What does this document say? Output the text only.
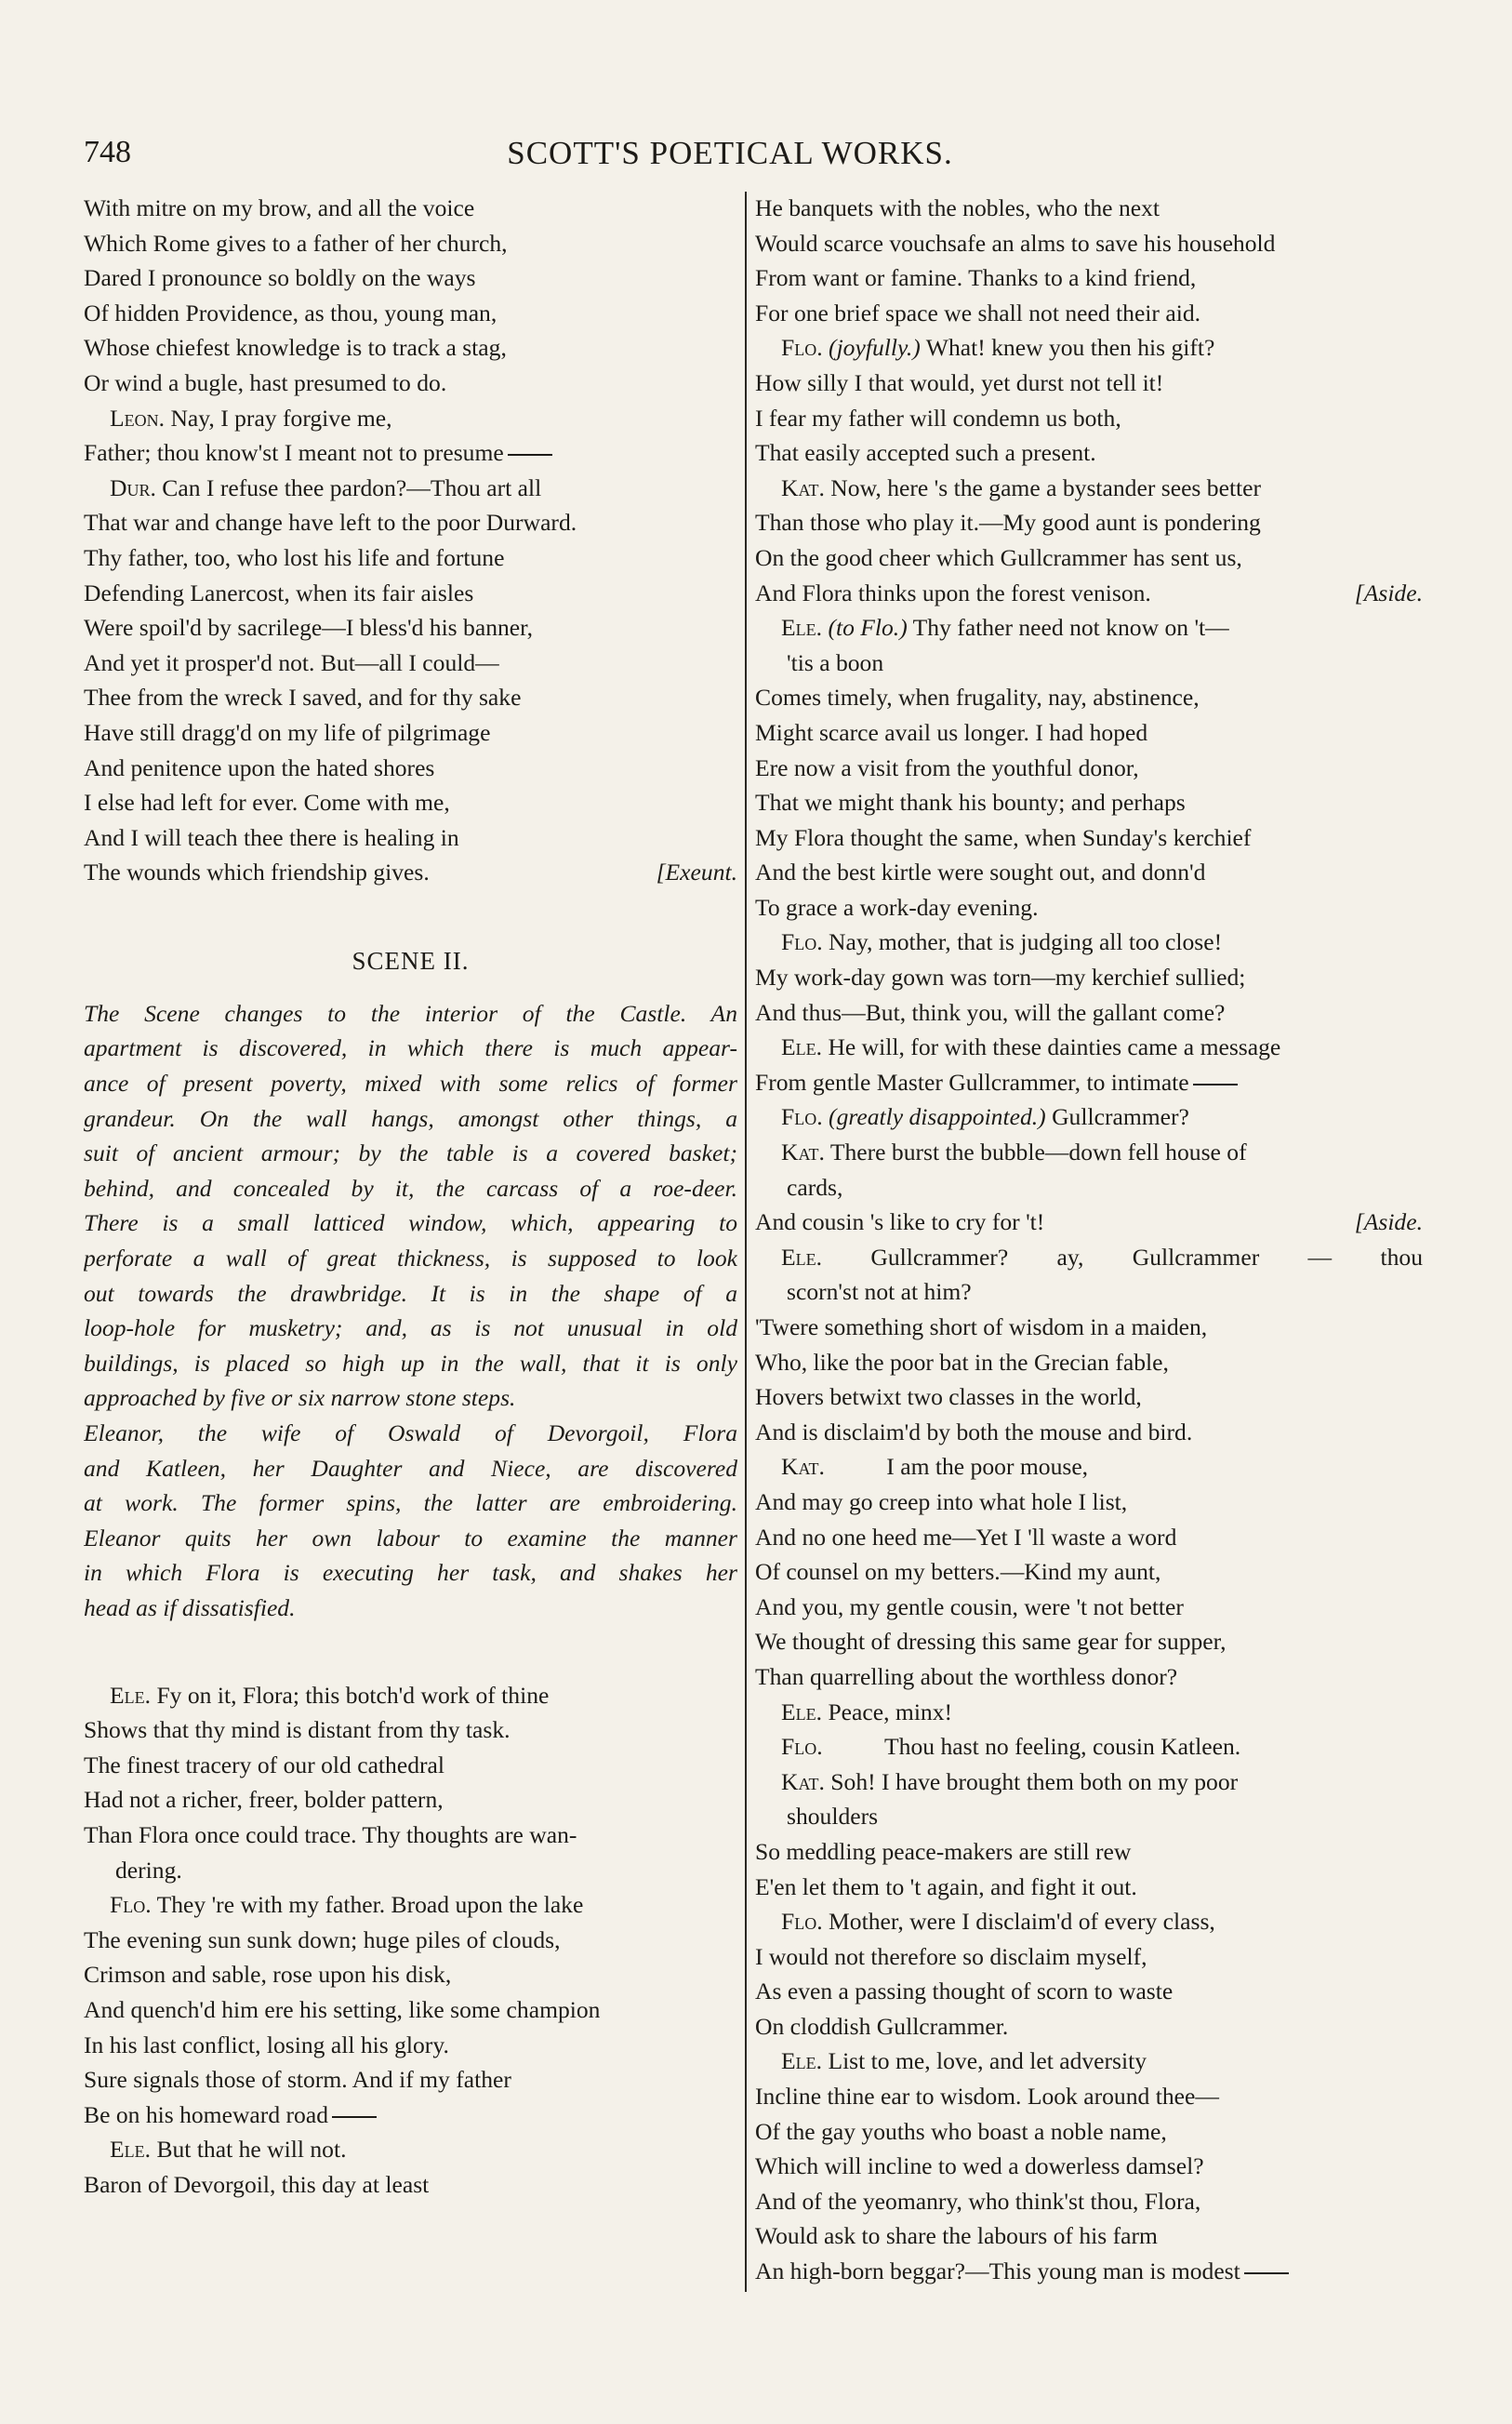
748	SCOTT'S POETICAL WORKS.
With mitre on my brow, and all the voice
Which Rome gives to a father of her church,
Dared I pronounce so boldly on the ways
Of hidden Providence, as thou, young man,
Whose chiefest knowledge is to track a stag,
Or wind a bugle, hast presumed to do.
Leon. Nay, I pray forgive me,
Father; thou know'st I meant not to presume
Dur. Can I refuse thee pardon?—Thou art all
That war and change have left to the poor Durward.
Thy father, too, who lost his life and fortune
Defending Lanercost, when its fair aisles
Were spoil'd by sacrilege—I bless'd his banner,
And yet it prosper'd not. But—all I could—
Thee from the wreck I saved, and for thy sake
Have still dragg'd on my life of pilgrimage
And penitence upon the hated shores
I else had left for ever. Come with me,
And I will teach thee there is healing in
[Exeunt.
The wounds which friendship gives.
SCENE II.
The Scene changes to the interior of the Castle. An
apartment is discovered, in which there is much appear-
ance of present poverty, mixed with some relics of former
grandeur. On the wall hangs, amongst other things, a
suit of ancient armour; by the table is a covered basket;
behind, and concealed by it, the carcass of a roe-deer.
There is a small latticed window, which, appearing to
perforate a wall of great thickness, is supposed to look
out towards the drawbridge. It is in the shape of a
loop-hole for musketry; and, as is not unusual in old
buildings, is placed so high up in the wall, that it is only
approached by five or six narrow stone steps.
Eleanor, the wife of Oswald of Devorgoil, Flora
and Katleen, her Daughter and Niece, are discovered
at work. The former spins, the latter are embroidering.
Eleanor quits her own labour to examine the manner
in which Flora is executing her task, and shakes her
head as if dissatisfied.
Ele. Fy on it, Flora; this botch'd work of thine
Shows that thy mind is distant from thy task.
The finest tracery of our old cathedral
Had not a richer, freer, bolder pattern,
Than Flora once could trace. Thy thoughts are wan-
dering.
Flo. They 're with my father. Broad upon the lake
The evening sun sunk down; huge piles of clouds,
Crimson and sable, rose upon his disk,
And quench'd him ere his setting, like some champion
In his last conflict, losing all his glory.
Sure signals those of storm. And if my father
Be on his homeward road
Ele. But that he will not.
Baron of Devorgoil, this day at least
He banquets with the nobles, who the next
Would scarce vouchsafe an alms to save his household
From want or famine. Thanks to a kind friend,
For one brief space we shall not need their aid.
Flo. (joyfully.) What! knew you then his gift?
How silly I that would, yet durst not tell it!
I fear my father will condemn us both,
That easily accepted such a present.
Kat. Now, here 's the game a bystander sees better
Than those who play it.—My good aunt is pondering
On the good cheer which Gullcrammer has sent us,
[Aside.
And Flora thinks upon the forest venison.
Ele. (to Flo.) Thy father need not know on 't—
'tis a boon
Comes timely, when frugality, nay, abstinence,
Might scarce avail us longer. I had hoped
Ere now a visit from the youthful donor,
That we might thank his bounty; and perhaps
My Flora thought the same, when Sunday's kerchief
And the best kirtle were sought out, and donn'd
To grace a work-day evening.
Flo. Nay, mother, that is judging all too close!
My work-day gown was torn—my kerchief sullied;
And thus—But, think you, will the gallant come?
Ele. He will, for with these dainties came a message
From gentle Master Gullcrammer, to intimate
Flo. (greatly disappointed.) Gullcrammer?
Kat. There burst the bubble—down fell house of
cards,
[Aside.
And cousin 's like to cry for 't!
Ele. Gullcrammer? ay, Gullcrammer — thou
scorn'st not at him?
'Twere something short of wisdom in a maiden,
Who, like the poor bat in the Grecian fable,
Hovers betwixt two classes in the world,
And is disclaim'd by both the mouse and bird.
Kat.	I am the poor mouse,
And may go creep into what hole I list,
And no one heed me—Yet I 'll waste a word
Of counsel on my betters.—Kind my aunt,
And you, my gentle cousin, were 't not better
We thought of dressing this same gear for supper,
Than quarrelling about the worthless donor?
Ele. Peace, minx!
Flo.	Thou hast no feeling, cousin Katleen.
Kat. Soh! I have brought them both on my poor
shoulders
So meddling peace-makers are still rew
E'en let them to 't again, and fight it out.
Flo. Mother, were I disclaim'd of every class,
I would not therefore so disclaim myself,
As even a passing thought of scorn to waste
On cloddish Gullcrammer.
Ele. List to me, love, and let adversity
Incline thine ear to wisdom. Look around thee—
Of the gay youths who boast a noble name,
Which will incline to wed a dowerless damsel?
And of the yeomanry, who think'st thou, Flora,
Would ask to share the labours of his farm
An high-born beggar?—This young man is modest
